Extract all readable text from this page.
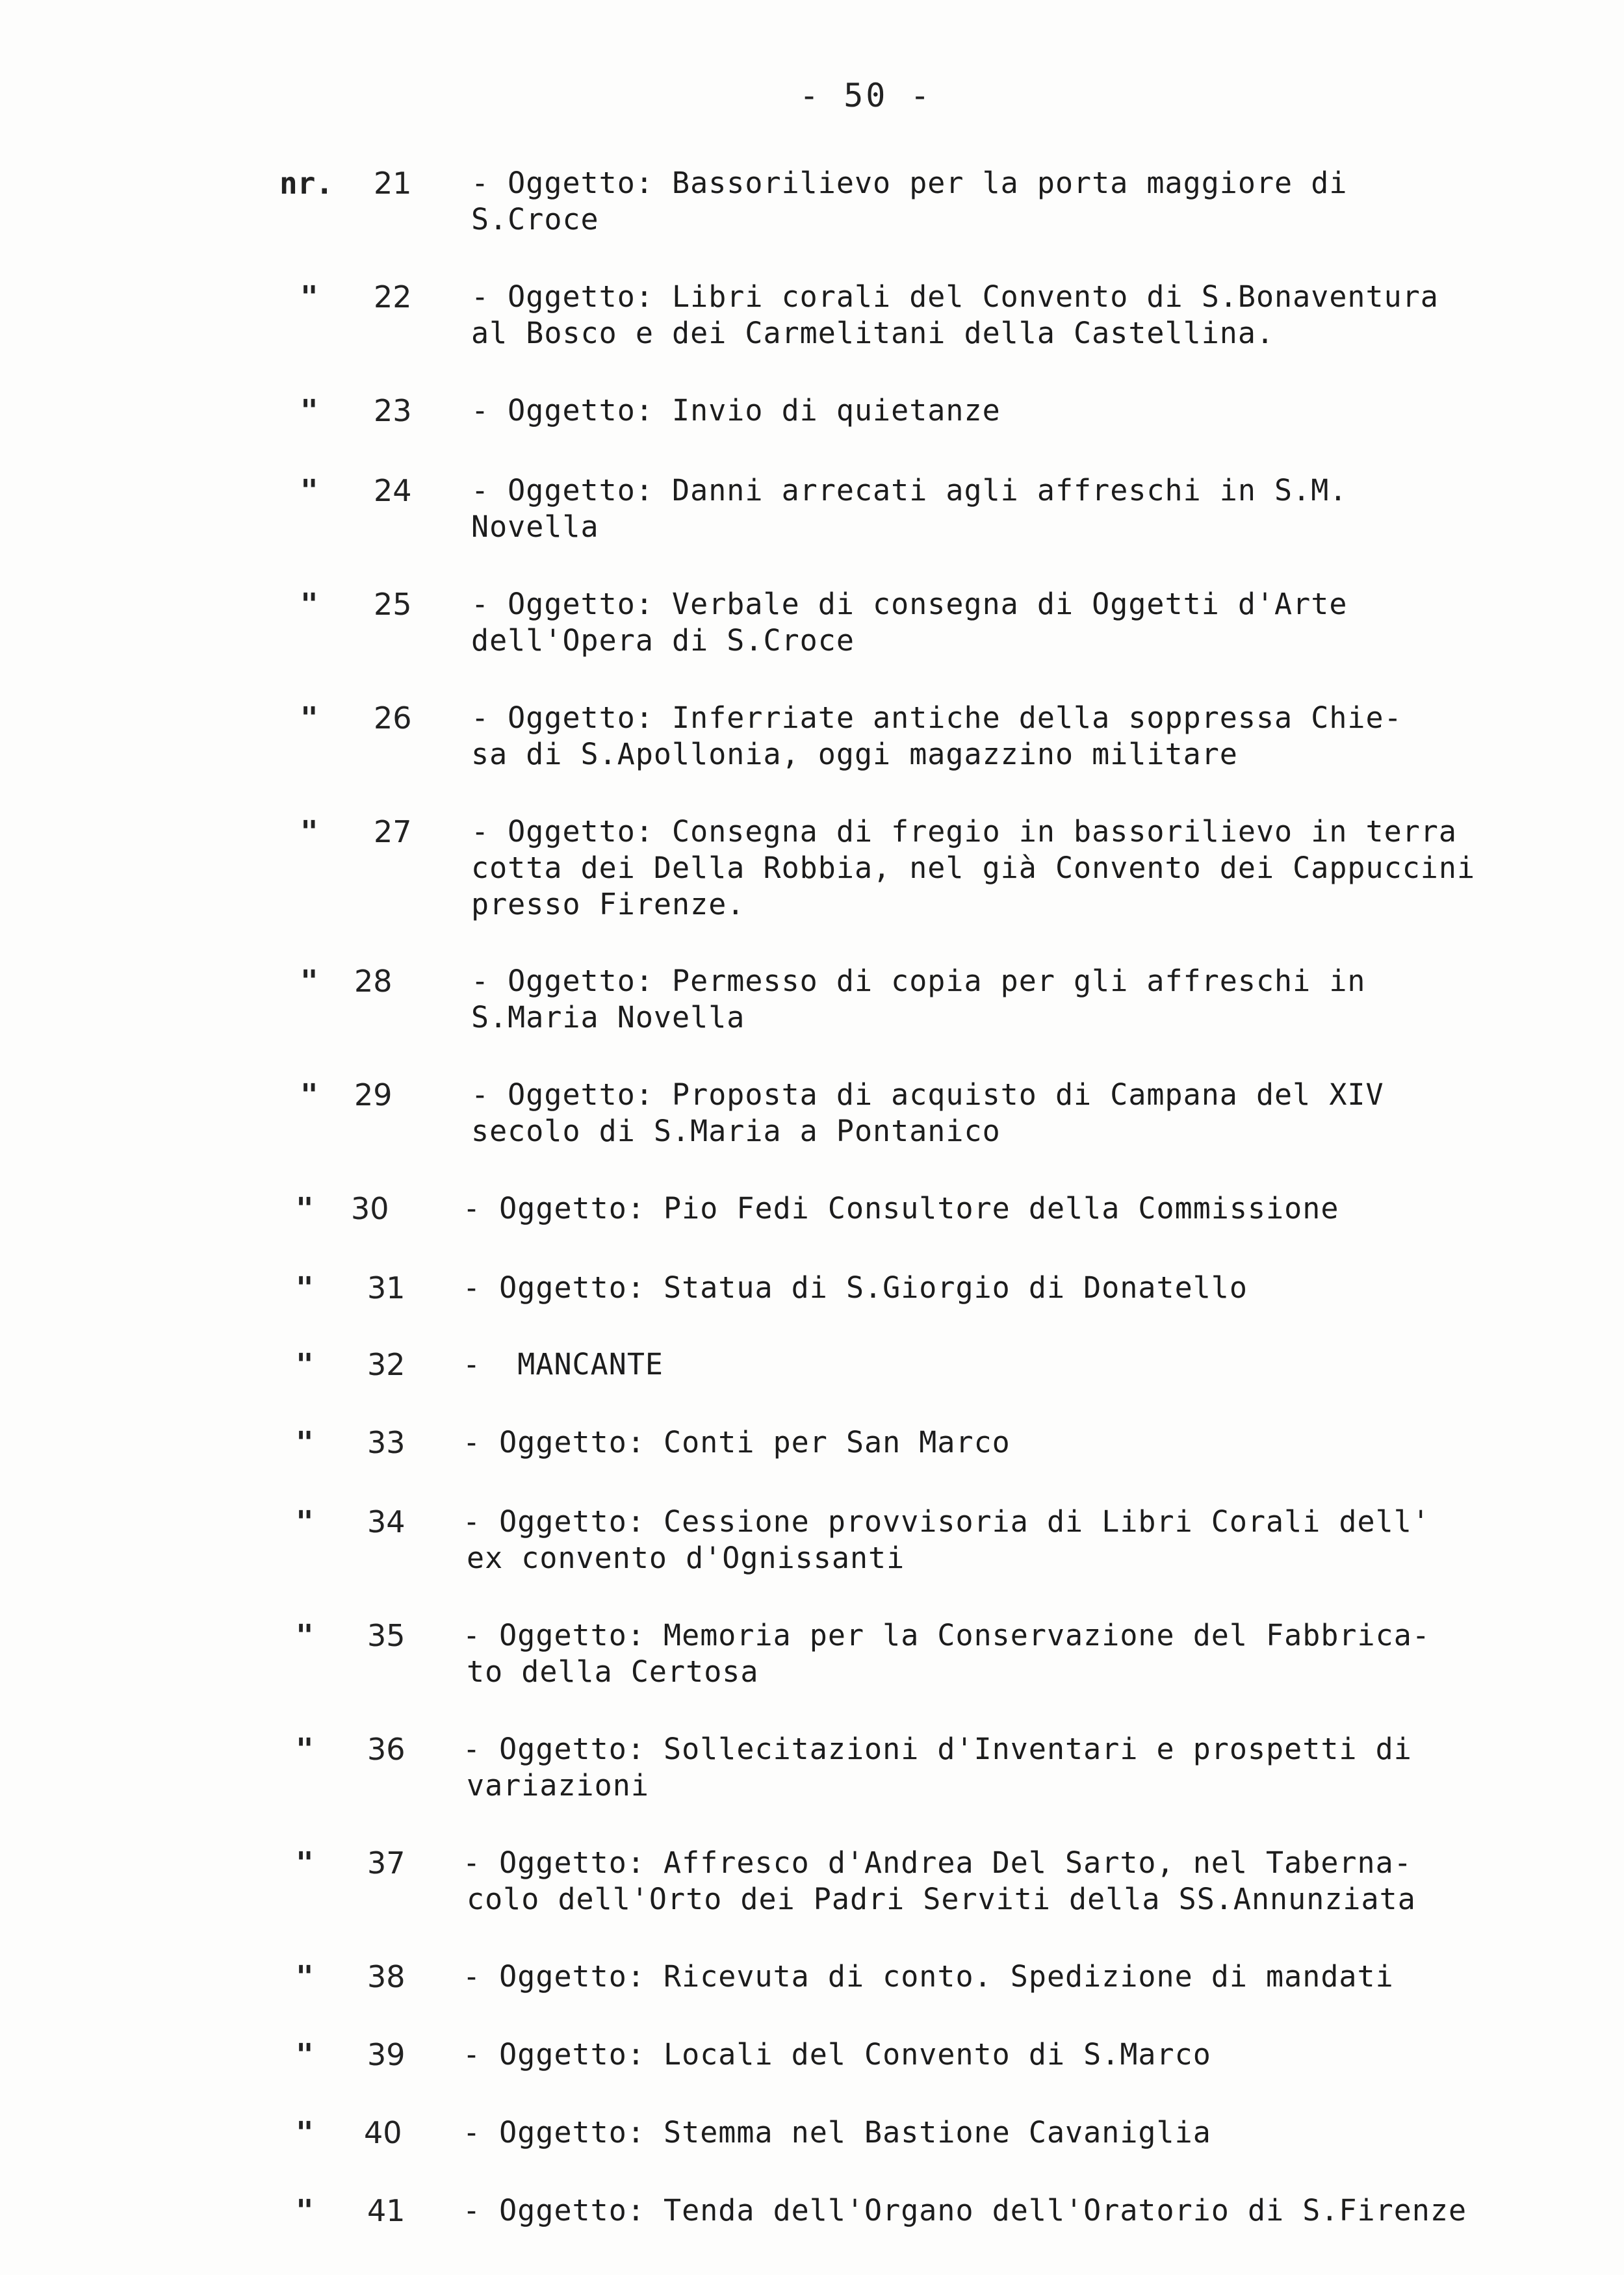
- 50 -
nr. 21 - Oggetto: Bassorilievo per la porta maggiore di
S.Croce
" 22 - Oggetto: Libri corali del Convento di S.Bonaventura
al Bosco e dei Carmelitani della Castellina.
" 23 - Oggetto: Invio di quietanze
" 24 - Oggetto: Danni arrecati agli affreschi in S.M.
Novella
" 25 - Oggetto: Verbale di consegna di Oggetti d'Arte
dell'Opera di S.Croce
" 26 - Oggetto: Inferriate antiche della soppressa Chie-
sa di S.Apollonia, oggi magazzino militare
" 27 - Oggetto: Consegna di fregio in bassorilievo in terra
cotta dei Della Robbia, nel già Convento dei Cappuccini
presso Firenze.
" 28	- Oggetto: Permesso di copia per gli affreschi in
S.Maria Novella
" 29	- Oggetto: Proposta di acquisto di Campana del XIV
secolo di S.Maria a Pontanico
" 30	- Oggetto: Pio Fedi Consultore della Commissione
" 31 - Oggetto: Statua di S.Giorgio di Donatello
" 32 -  MANCANTE
" 33 - Oggetto: Conti per San Marco
" 34 - Oggetto: Cessione provvisoria di Libri Corali dell'
ex convento d'Ognissanti
" 35 - Oggetto: Memoria per la Conservazione del Fabbrica-
to della Certosa
" 36 - Oggetto: Sollecitazioni d'Inventari e prospetti di
variazioni
" 37 - Oggetto: Affresco d'Andrea Del Sarto, nel Taberna-
colo dell'Orto dei Padri Serviti della SS.Annunziata
" 38 - Oggetto: Ricevuta di conto. Spedizione di mandati
" 39 - Oggetto: Locali del Convento di S.Marco
" 40 - Oggetto: Stemma nel Bastione Cavaniglia
" 41 - Oggetto: Tenda dell'Organo dell'Oratorio di S.Firenze
